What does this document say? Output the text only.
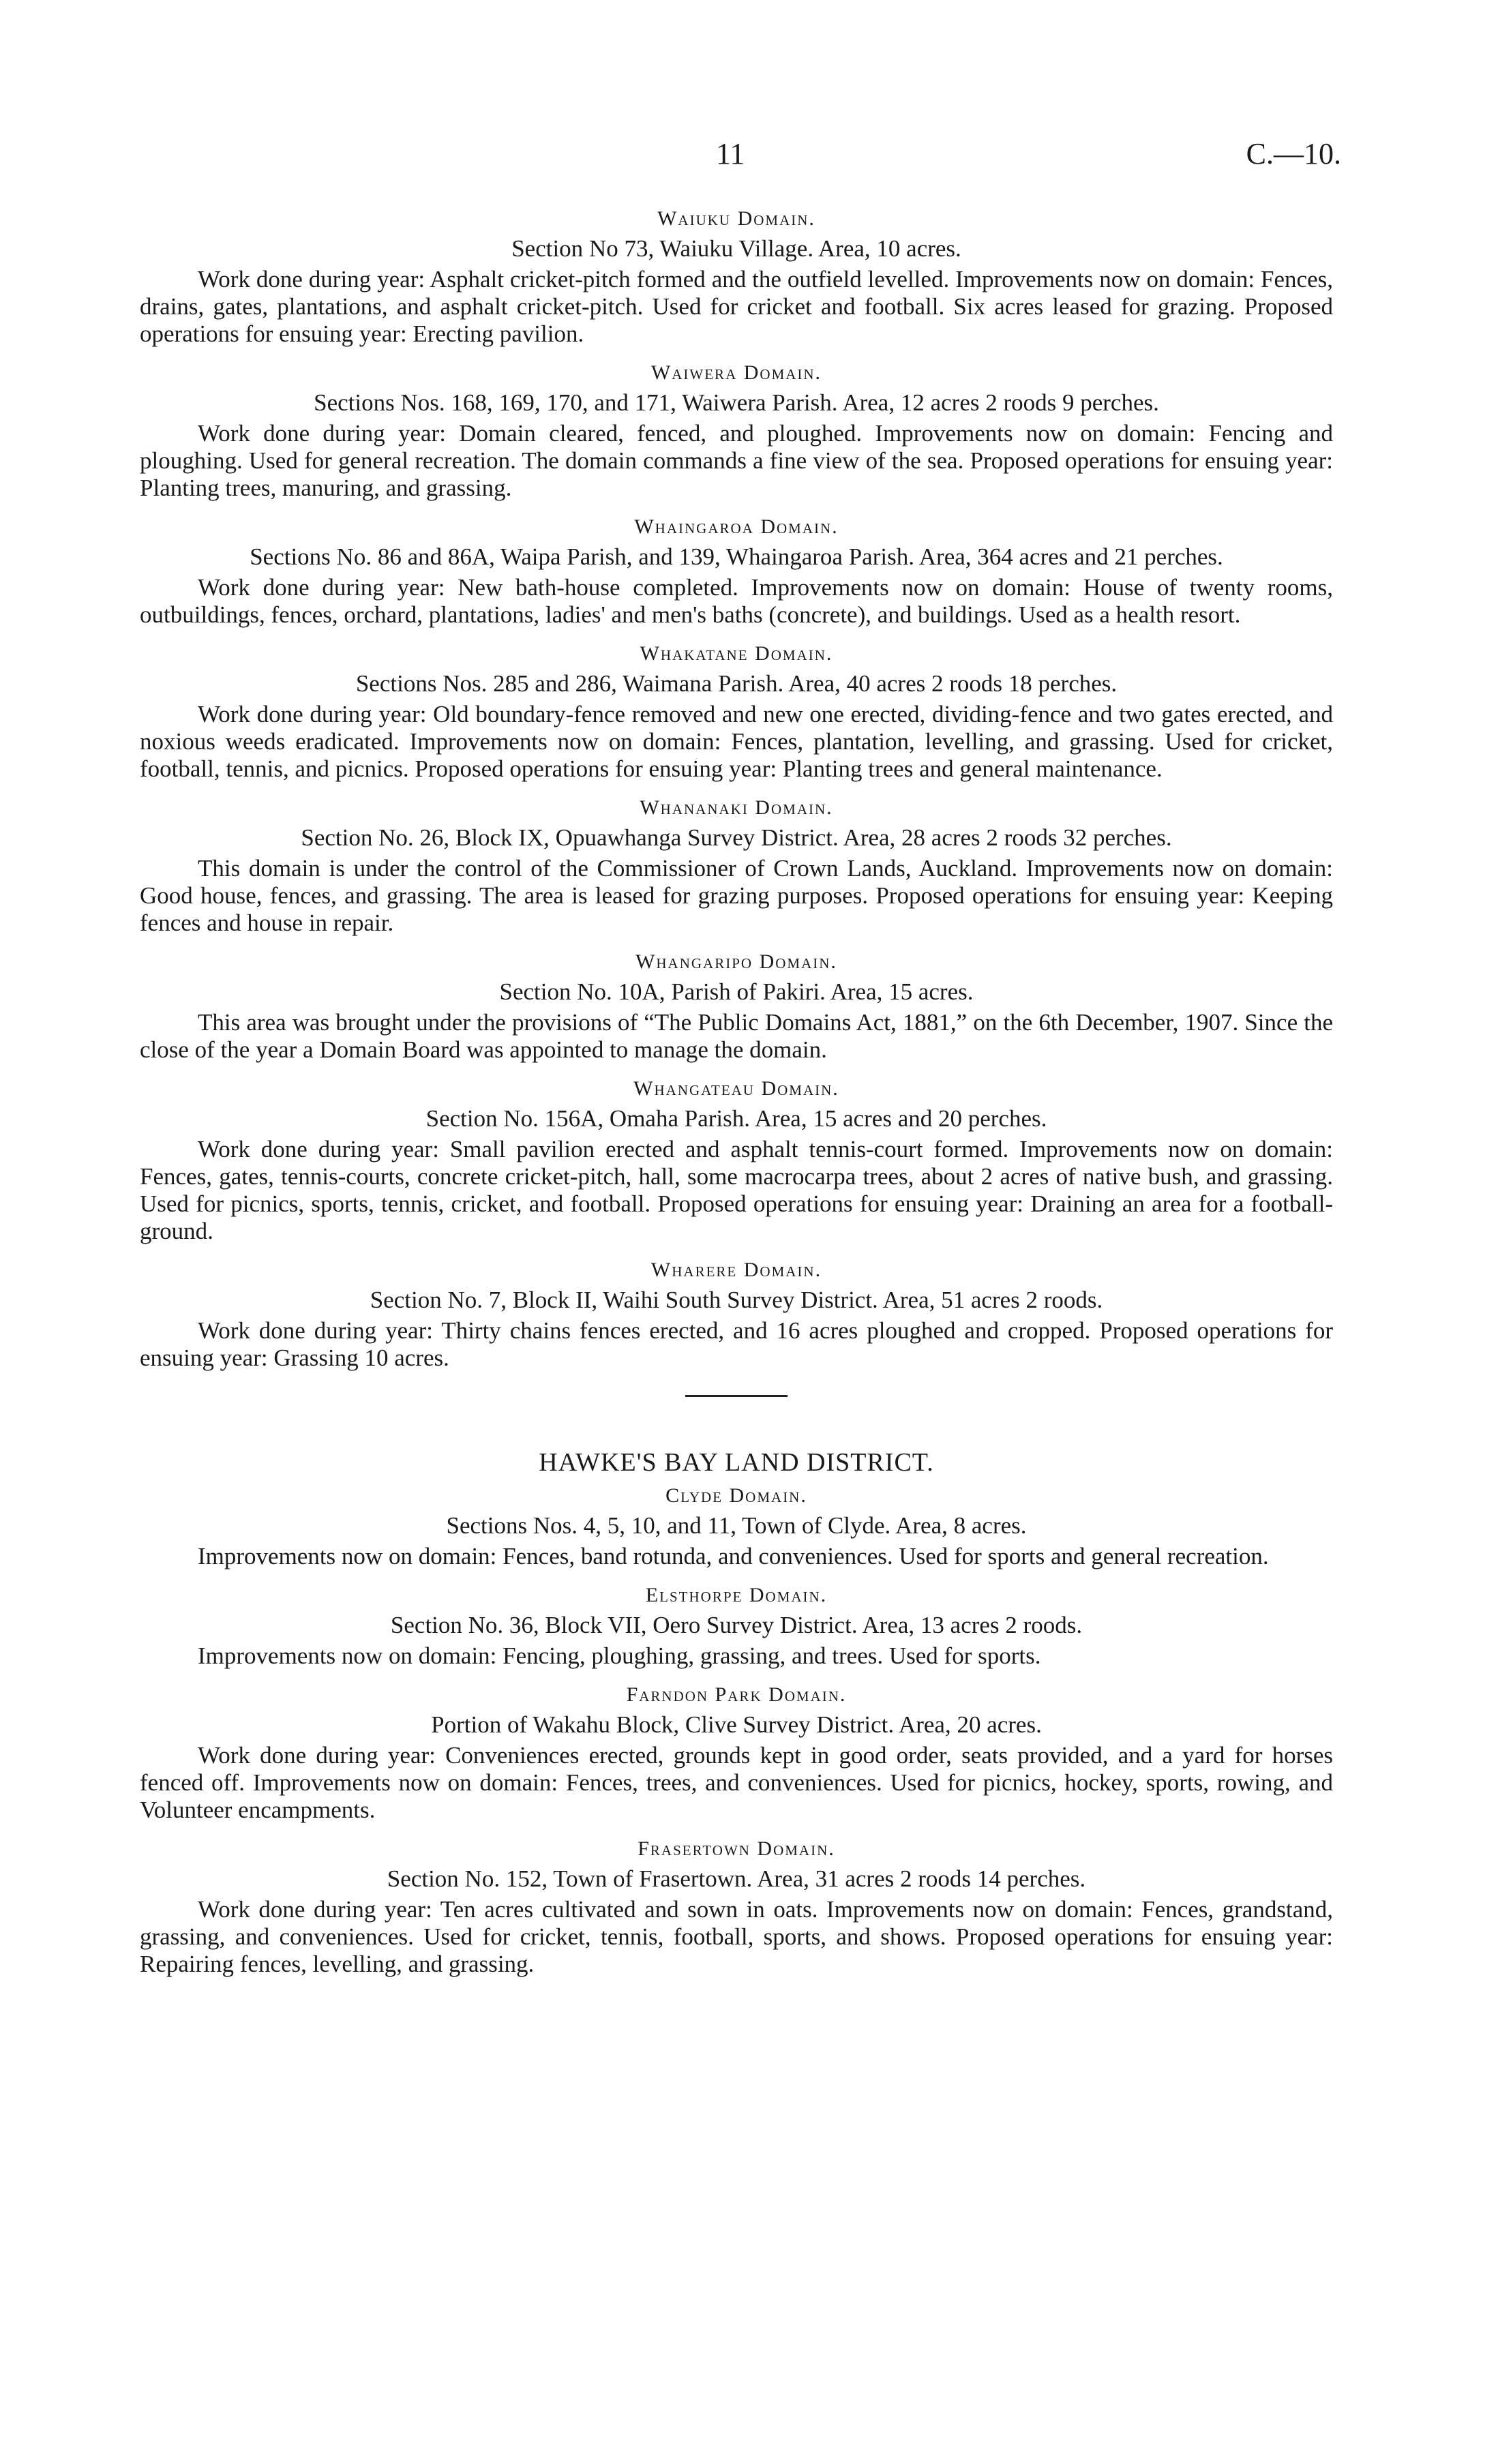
11	C.—10.
Waiuku Domain.
Section No 73, Waiuku Village. Area, 10 acres.
Work done during year: Asphalt cricket-pitch formed and the outfield levelled. Improvements now on domain: Fences, drains, gates, plantations, and asphalt cricket-pitch. Used for cricket and football. Six acres leased for grazing. Proposed operations for ensuing year: Erecting pavilion.
Waiwera Domain.
Sections Nos. 168, 169, 170, and 171, Waiwera Parish. Area, 12 acres 2 roods 9 perches.
Work done during year: Domain cleared, fenced, and ploughed. Improvements now on domain: Fencing and ploughing. Used for general recreation. The domain commands a fine view of the sea. Proposed operations for ensuing year: Planting trees, manuring, and grassing.
Whaingaroa Domain.
Sections No. 86 and 86A, Waipa Parish, and 139, Whaingaroa Parish. Area, 364 acres and 21 perches.
Work done during year: New bath-house completed. Improvements now on domain: House of twenty rooms, outbuildings, fences, orchard, plantations, ladies' and men's baths (concrete), and buildings. Used as a health resort.
Whakatane Domain.
Sections Nos. 285 and 286, Waimana Parish. Area, 40 acres 2 roods 18 perches.
Work done during year: Old boundary-fence removed and new one erected, dividing-fence and two gates erected, and noxious weeds eradicated. Improvements now on domain: Fences, plantation, levelling, and grassing. Used for cricket, football, tennis, and picnics. Proposed operations for ensuing year: Planting trees and general maintenance.
Whananaki Domain.
Section No. 26, Block IX, Opuawhanga Survey District. Area, 28 acres 2 roods 32 perches.
This domain is under the control of the Commissioner of Crown Lands, Auckland. Improvements now on domain: Good house, fences, and grassing. The area is leased for grazing purposes. Proposed operations for ensuing year: Keeping fences and house in repair.
Whangaripo Domain.
Section No. 10A, Parish of Pakiri. Area, 15 acres.
This area was brought under the provisions of “The Public Domains Act, 1881,” on the 6th December, 1907. Since the close of the year a Domain Board was appointed to manage the domain.
Whangateau Domain.
Section No. 156A, Omaha Parish. Area, 15 acres and 20 perches.
Work done during year: Small pavilion erected and asphalt tennis-court formed. Improvements now on domain: Fences, gates, tennis-courts, concrete cricket-pitch, hall, some macrocarpa trees, about 2 acres of native bush, and grassing. Used for picnics, sports, tennis, cricket, and football. Proposed operations for ensuing year: Draining an area for a football-ground.
Wharere Domain.
Section No. 7, Block II, Waihi South Survey District. Area, 51 acres 2 roods.
Work done during year: Thirty chains fences erected, and 16 acres ploughed and cropped. Proposed operations for ensuing year: Grassing 10 acres.
HAWKE'S BAY LAND DISTRICT.
Clyde Domain.
Sections Nos. 4, 5, 10, and 11, Town of Clyde. Area, 8 acres.
Improvements now on domain: Fences, band rotunda, and conveniences. Used for sports and general recreation.
Elsthorpe Domain.
Section No. 36, Block VII, Oero Survey District. Area, 13 acres 2 roods.
Improvements now on domain: Fencing, ploughing, grassing, and trees. Used for sports.
Farndon Park Domain.
Portion of Wakahu Block, Clive Survey District. Area, 20 acres.
Work done during year: Conveniences erected, grounds kept in good order, seats provided, and a yard for horses fenced off. Improvements now on domain: Fences, trees, and conveniences. Used for picnics, hockey, sports, rowing, and Volunteer encampments.
Frasertown Domain.
Section No. 152, Town of Frasertown. Area, 31 acres 2 roods 14 perches.
Work done during year: Ten acres cultivated and sown in oats. Improvements now on domain: Fences, grandstand, grassing, and conveniences. Used for cricket, tennis, football, sports, and shows. Proposed operations for ensuing year: Repairing fences, levelling, and grassing.
